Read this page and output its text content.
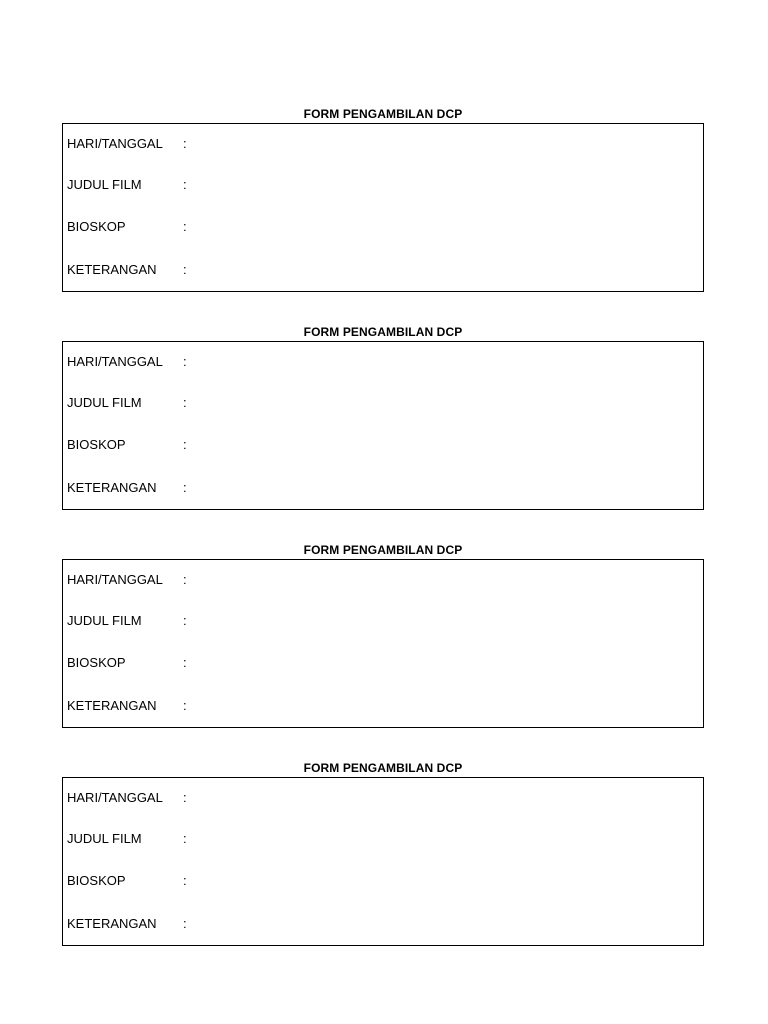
FORM PENGAMBILAN DCP
HARI/TANGGAL :
JUDUL FILM	:
BIOSKOP	:
KETERANGAN :
FORM PENGAMBILAN DCP
HARI/TANGGAL :
JUDUL FILM	:
BIOSKOP	:
KETERANGAN :
FORM PENGAMBILAN DCP
HARI/TANGGAL :
JUDUL FILM	:
BIOSKOP	:
KETERANGAN :
FORM PENGAMBILAN DCP
HARI/TANGGAL :
JUDUL FILM	:
BIOSKOP	:
KETERANGAN :
